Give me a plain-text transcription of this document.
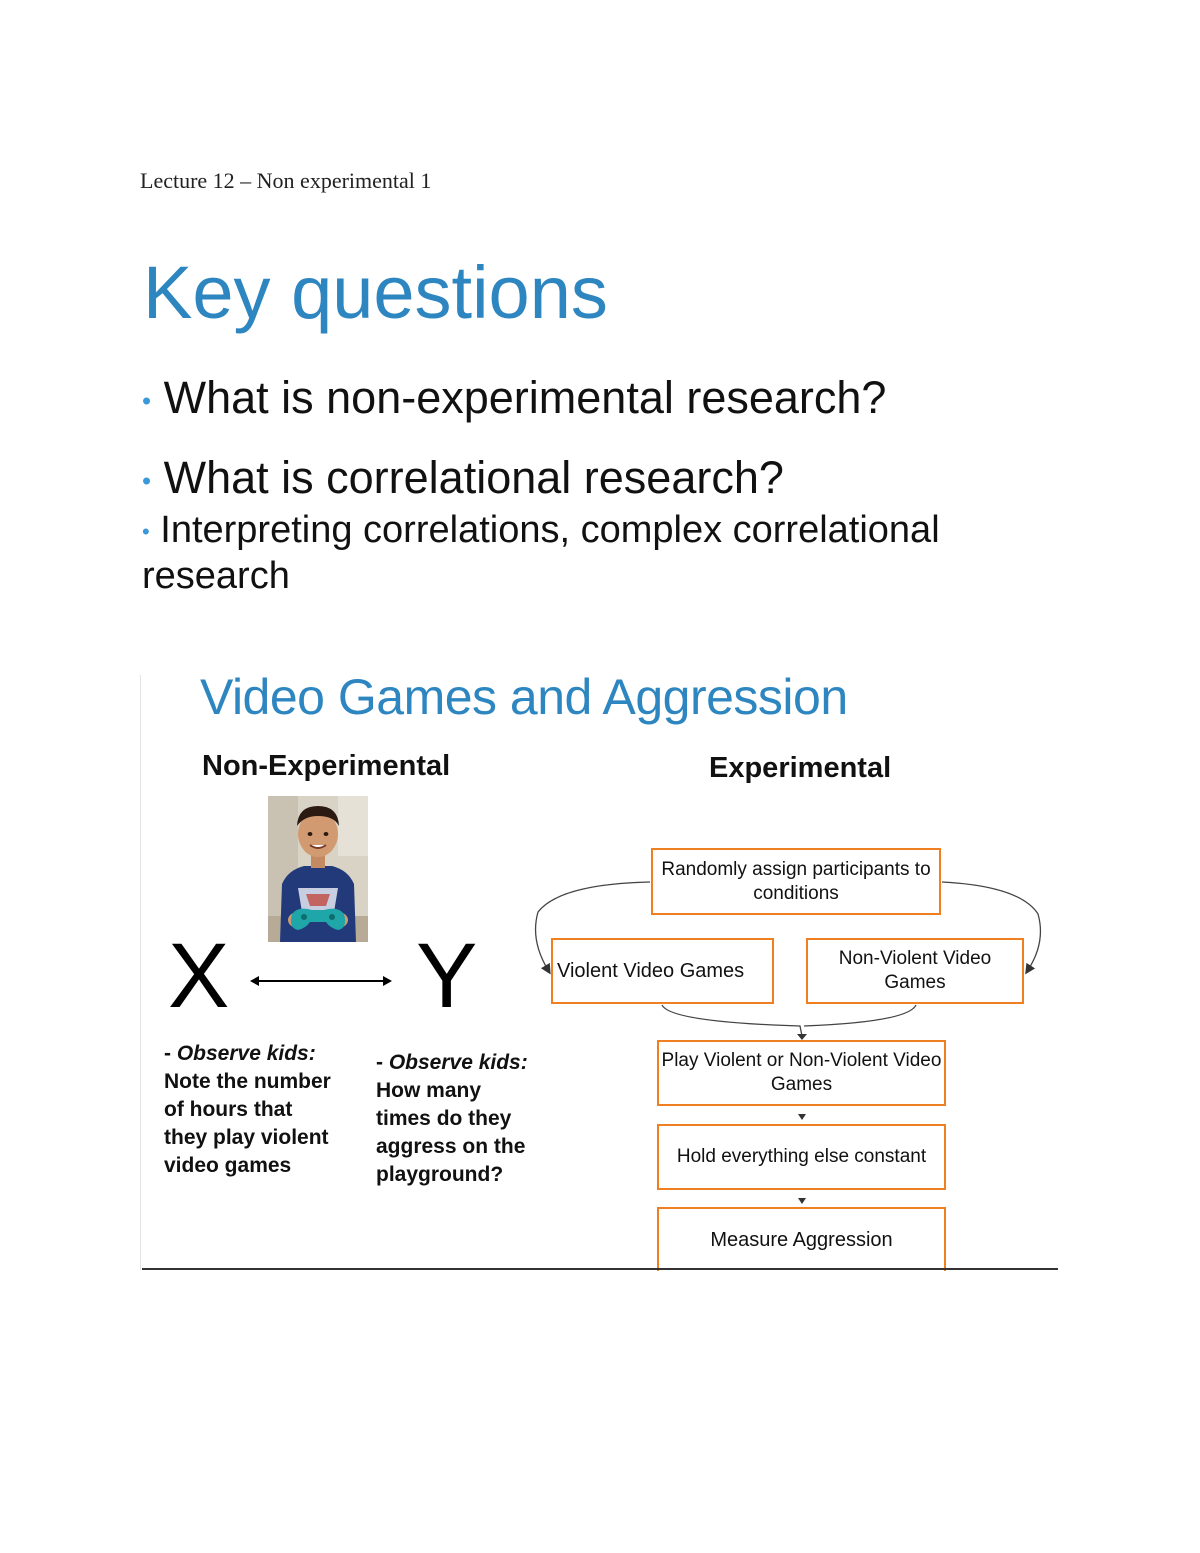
Lecture 12 – Non experimental 1
Key questions
• What is non-experimental research?
• What is correlational research?
• Interpreting correlations, complex correlational research
Video Games and Aggression
Non-Experimental	Experimental
X Y
- Observe kids: Note the number of hours that they play violent video games
- Observe kids: How many times do they aggress on the playground?
Randomly assign participants to conditions
Violent Video Games
Non-Violent Video Games
Play Violent or Non-Violent Video Games
Hold everything else constant
Measure Aggression
